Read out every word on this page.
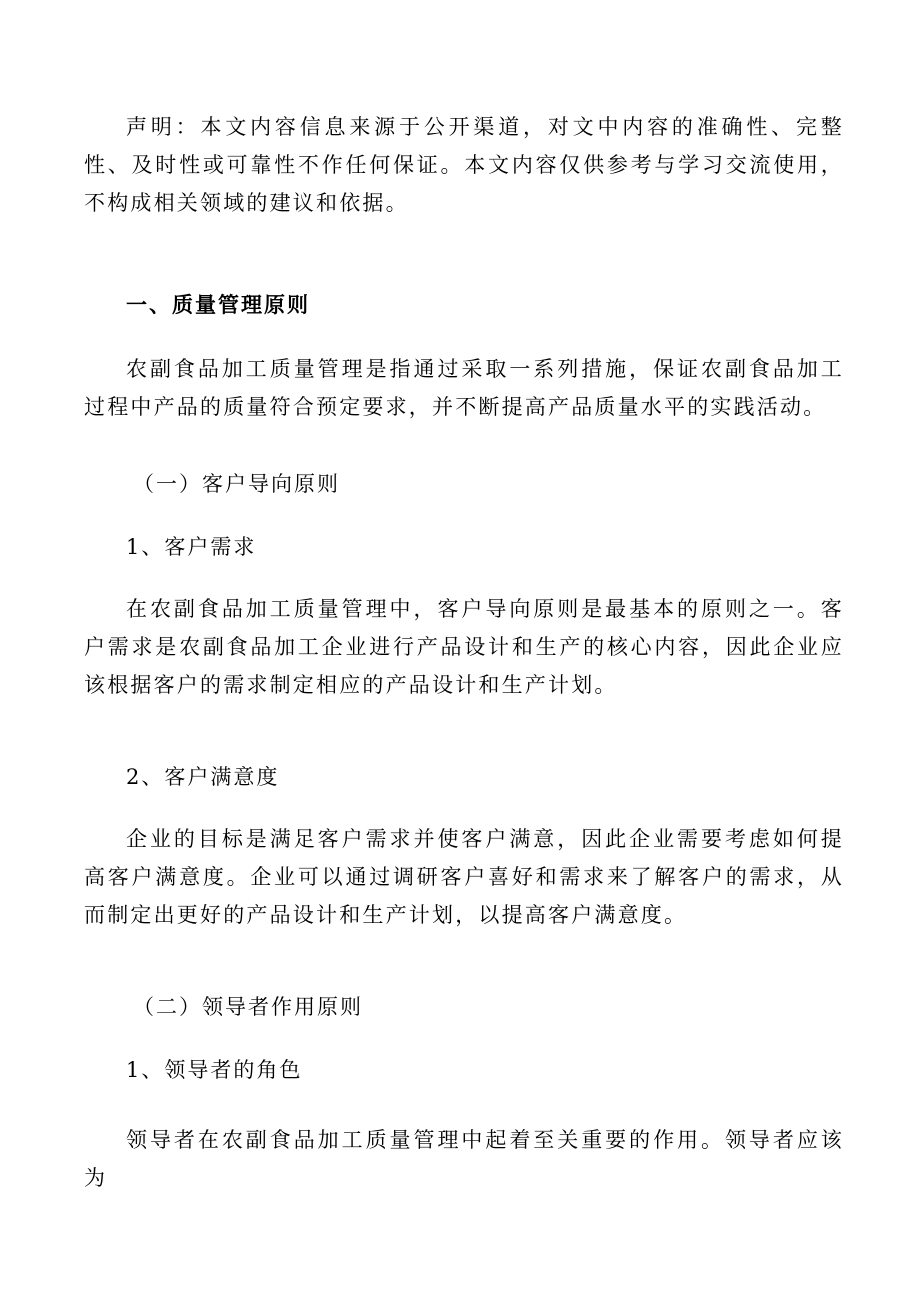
声明：本文内容信息来源于公开渠道，对文中内容的准确性、完整性、及时性或可靠性不作任何保证。本文内容仅供参考与学习交流使用，不构成相关领域的建议和依据。

一、质量管理原则

农副食品加工质量管理是指通过采取一系列措施，保证农副食品加工过程中产品的质量符合预定要求，并不断提高产品质量水平的实践活动。

（一）客户导向原则
1、客户需求

在农副食品加工质量管理中，客户导向原则是最基本的原则之一。客户需求是农副食品加工企业进行产品设计和生产的核心内容，因此企业应该根据客户的需求制定相应的产品设计和生产计划。

2、客户满意度

企业的目标是满足客户需求并使客户满意，因此企业需要考虑如何提高客户满意度。企业可以通过调研客户喜好和需求来了解客户的需求，从而制定出更好的产品设计和生产计划，以提高客户满意度。

（二）领导者作用原则
1、领导者的角色

领导者在农副食品加工质量管理中起着至关重要的作用。领导者应该为
